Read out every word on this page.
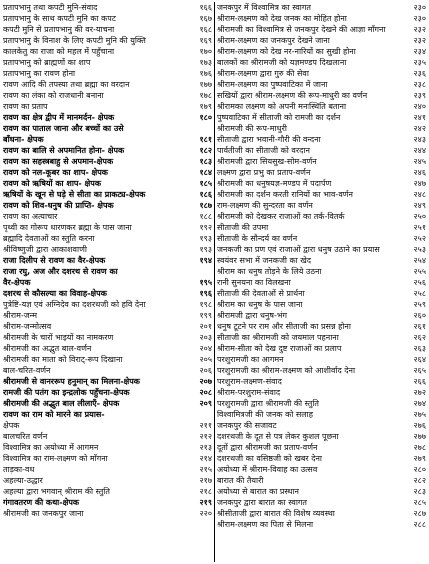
प्रतापभानु तथा कपटी मुनि-संवाद	१६६
प्रतापभानु के साथ कपटी मुनि का कपट	१६७
कपटी मुनि से प्रतापभानु की वर-याचना	१६८
प्रतापभानु के विनाश के लिए कपटी मुनि की युक्ति	१६९
कालकेतु का राजा को महल में पहुँचाना	१७०
प्रतापभानु को ब्राह्मणों का शाप	१७३
प्रतापभानु का रावण होना	१७६
रावण आदि की तपस्या तथा ब्रह्मा का वरदान	१७७
रावण का लंका को राजधानी बनाना	१७८
रावण का प्रताप	१७९
रावण का क्षेत्र द्वीप में मानमर्दन- क्षेपक	१८०
रावण का पाताल जाना और बच्चों का उसे
बाँधना- क्षेपक	१८१
रावण का बालि से अपमानित होना- क्षेपक	१८२
रावण का सहस्त्रबाहु से अपमान-क्षेपक	१८३
रावण को नल-कूबर का शाप- क्षेपक	१८४
रावण को ऋषियों का शाप- क्षेपक	१८५
ऋषियों के खून से घड़े से सीता का प्राकट्य-क्षेपक	१८६
रावण को शिव-धनुष की प्राप्ति- क्षेपक	१८७
रावण का अत्याचार	१८८
पृथ्वी का गोरूप धारणकर ब्रह्मा के पास जाना	१९२
ब्रह्मादि देवताओं का स्तुति करना	१९३
श्रीविष्णुजी द्वारा आकाशवाणी	१९३
राजा दिलीप से रावण का वैर-क्षेपक	१९४
राजा रघु, अज और दशरथ से रावण का
वैर-क्षेपक	१९५
दशरथ से कौसल्या का विवाह-क्षेपक	१९६
पुत्रेष्टि-यज्ञ एवं अग्निदेव का दशरथजी को हवि देना	१९८
श्रीराम-जन्म	१९९
श्रीराम-जन्मोत्सव	२०१
श्रीरामजी के चारों भाइयों का नामकरण	२०३
श्रीरामजी का अद्भुत बाल-वर्णन	२०४
श्रीरामजी का माता को विराट्-रूप दिखाना	२०५
बाल-चरित-वर्णन	२०६
श्रीरामजी से वानररूप हनुमान् का मिलना-क्षेपक	२०७
रामजी की पतंग का इन्द्रलोक पहुँचना-क्षेपक	२०८
श्रीरामजी की अद्भुत बाल लीलाएँ- क्षेपक	२०९
रावण का राम को मारने का प्रयास-
क्षेपक	२११
बालचरित वर्णन	२१२
विश्वामित्र का अयोध्या में आगमन	२१३
विश्वामित्र का राम-लक्ष्मण को माँगना	२१४
ताड़का-वध	२१५
अहल्या-उद्धार	२१७
अहल्या द्वारा भगवान् श्रीराम की स्तुति	२१८
गंगावतरण की कथा-क्षेपक	२१९
श्रीरामजी का जनकपुर जाना	२२०
जनकपुर में विश्वामित्र का स्वागत	२३०
श्रीराम-लक्ष्मण को देख जनक का मोहित होना	२३०
श्रीरामजी का विश्वामित्र से जनकपुर देखने की आज्ञा माँगना	२३२
श्रीराम-लक्ष्मण का जनकपुर देखने जाना	२३२
श्रीराम-लक्ष्मण को देख नर-नारियों का सुखी होना	२३४
बालकों का श्रीरामजी को यज्ञमण्डप दिखलाना	२३५
श्रीराम-लक्ष्मण द्वारा गुरु की सेवा	२३६
श्रीराम-लक्ष्मण का पुष्पवाटिका में जाना	२३८
सखियों द्वारा श्रीराम-लक्ष्मण की रूप-माधुरी का वर्णन	२३९
श्रीरामका लक्ष्मण को अपनी मनःस्थिति बताना	२४०
पुष्पवाटिका में सीताजी को रामजी का दर्शन	२४१
श्रीरामजी की रूप-माधुरी	२४२
सीताजी द्वारा भवानी-गौरी की वन्दना	२४३
पार्वतीजी का सीताजी को वरदान	२४४
श्रीरामजी द्वारा सियसुख-सोम-वर्णन	२४५
लक्ष्मण द्वारा प्रभु का प्रताप-वर्णन	२४६
श्रीरामजी का धनुषयज्ञ-मण्डप में पदार्पण	२४७
श्रीरामजी का दर्शन करती रानियों का भाव-वर्णन	२४८
राम-लक्ष्मण की सुन्दरता का वर्णन	२४९
श्रीरामजी को देखकर राजाओं का तर्क-वितर्क	२५०
सीताजी की उपमा	२५१
सीताजी के सौन्दर्य का वर्णन	२५२
जनकजी का प्रण एवं राजाओं द्वारा धनुष उठाने का प्रयास	२५३
स्वयंवर सभा में जनकजी का खेद	२५४
श्रीराम का धनुष तोड़ने के लिये उठना	२५५
रानी सुनयना का विलखना	२५६
सीताजी की देवताओं से प्रार्थना	२५८
श्रीराम का धनुष के पास जाना	२५९
श्रीरामजी द्वारा धनुष-भंग	२६०
धनुष टूटने पर राम और सीताजी का प्रसन्न होना	२६१
सीताजी का श्रीरामजी को जयमाल पहनाना	२६२
श्रीराम-सीता को देख दुष्ट राजाओं का प्रलाप	२६३
परशुरामजी का आगमन	२६४
परशुरामजी का श्रीराम-लक्ष्मण को आशीर्वाद देना	२६५
परशुराम-लक्ष्मण-संवाद	२६६
श्रीराम-परशुराम-संवाद	२७२
परशुरामजी द्वारा श्रीरामजी की स्तुति	२७४
विश्वामित्रजी की जनक को सलाह	२७५
जनकपुर की सजावट	२७६
दशरथजी के दूत से पत्र लेकर कुशल पूछना	२७७
दूतों द्वारा श्रीरामजी का प्रताप-वर्णन	२७८
दशरथजी का वसिष्ठजी को खबर देना	२७९
अयोध्या में श्रीराम-विवाह का उत्सव	२८०
बारात की तैयारी	२८२
अयोध्या से बारात का प्रस्थान	२८३
जनकपुर द्वारा बारात का स्वागत	२८५
श्रीसीताजी द्वारा बारात की विशेष व्यवस्था	२८७
श्रीराम-लक्ष्मण का पिता से मिलना	२८८
